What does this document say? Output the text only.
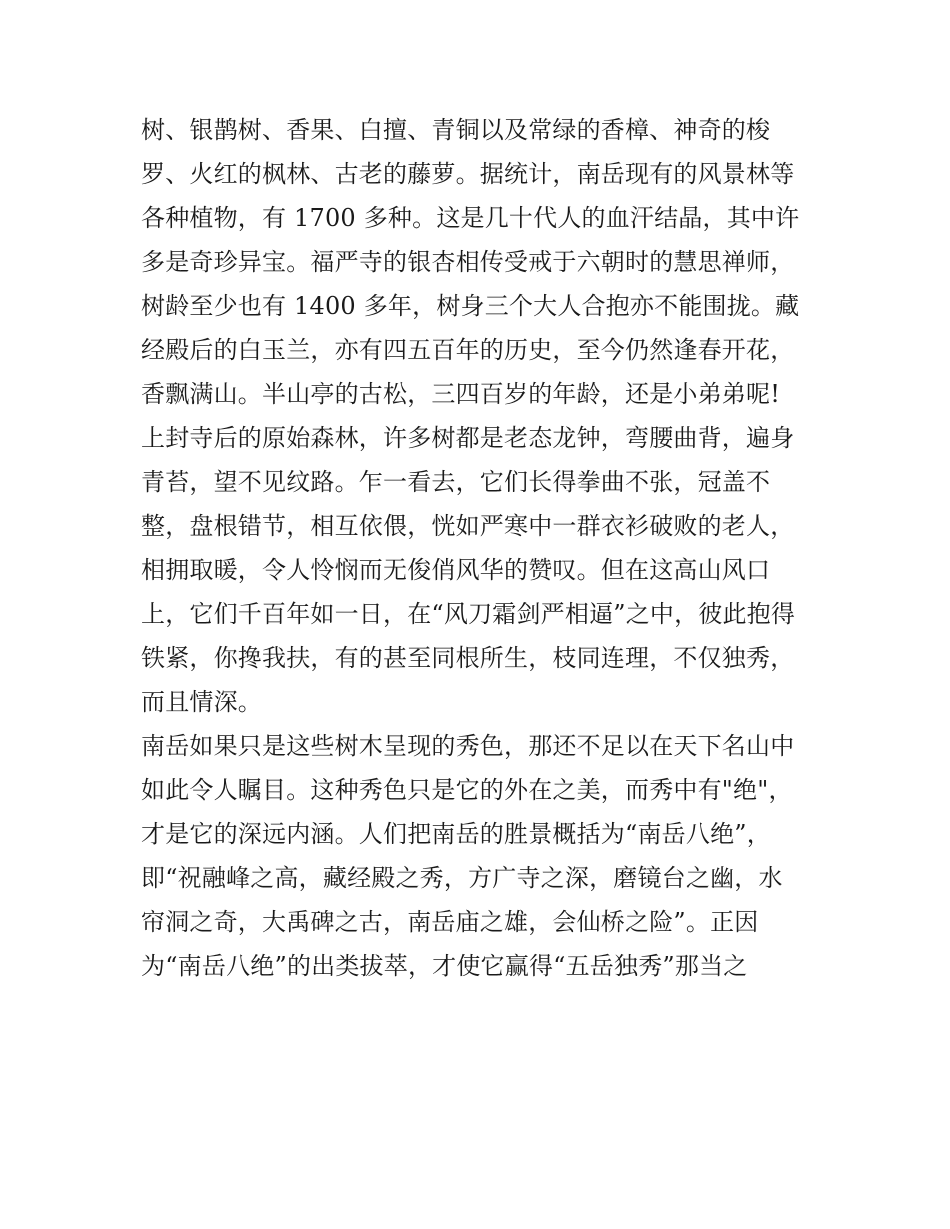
树、银鹊树、香果、白擅、青铜以及常绿的香樟、神奇的梭
罗、火红的枫林、古老的藤萝。据统计，南岳现有的风景林等
各种植物，有 1700 多种。这是几十代人的血汗结晶，其中许
多是奇珍异宝。福严寺的银杏相传受戒于六朝时的慧思禅师，
树龄至少也有 1400 多年，树身三个大人合抱亦不能围拢。藏
经殿后的白玉兰，亦有四五百年的历史，至今仍然逢春开花，
香飘满山。半山亭的古松，三四百岁的年龄，还是小弟弟呢!
上封寺后的原始森林，许多树都是老态龙钟，弯腰曲背，遍身
青苔，望不见纹路。乍一看去，它们长得拳曲不张，冠盖不
整，盘根错节，相互依偎，恍如严寒中一群衣衫破败的老人，
相拥取暖，令人怜悯而无俊俏风华的赞叹。但在这高山风口
上，它们千百年如一日，在“风刀霜剑严相逼”之中，彼此抱得
铁紧，你搀我扶，有的甚至同根所生，枝同连理，不仅独秀，
而且情深。
南岳如果只是这些树木呈现的秀色，那还不足以在天下名山中
如此令人瞩目。这种秀色只是它的外在之美，而秀中有"绝"，
才是它的深远内涵。人们把南岳的胜景概括为“南岳八绝”，
即“祝融峰之高，藏经殿之秀，方广寺之深，磨镜台之幽，水
帘洞之奇，大禹碑之古，南岳庙之雄，会仙桥之险”。正因
为“南岳八绝”的出类拔萃，才使它赢得“五岳独秀”那当之
